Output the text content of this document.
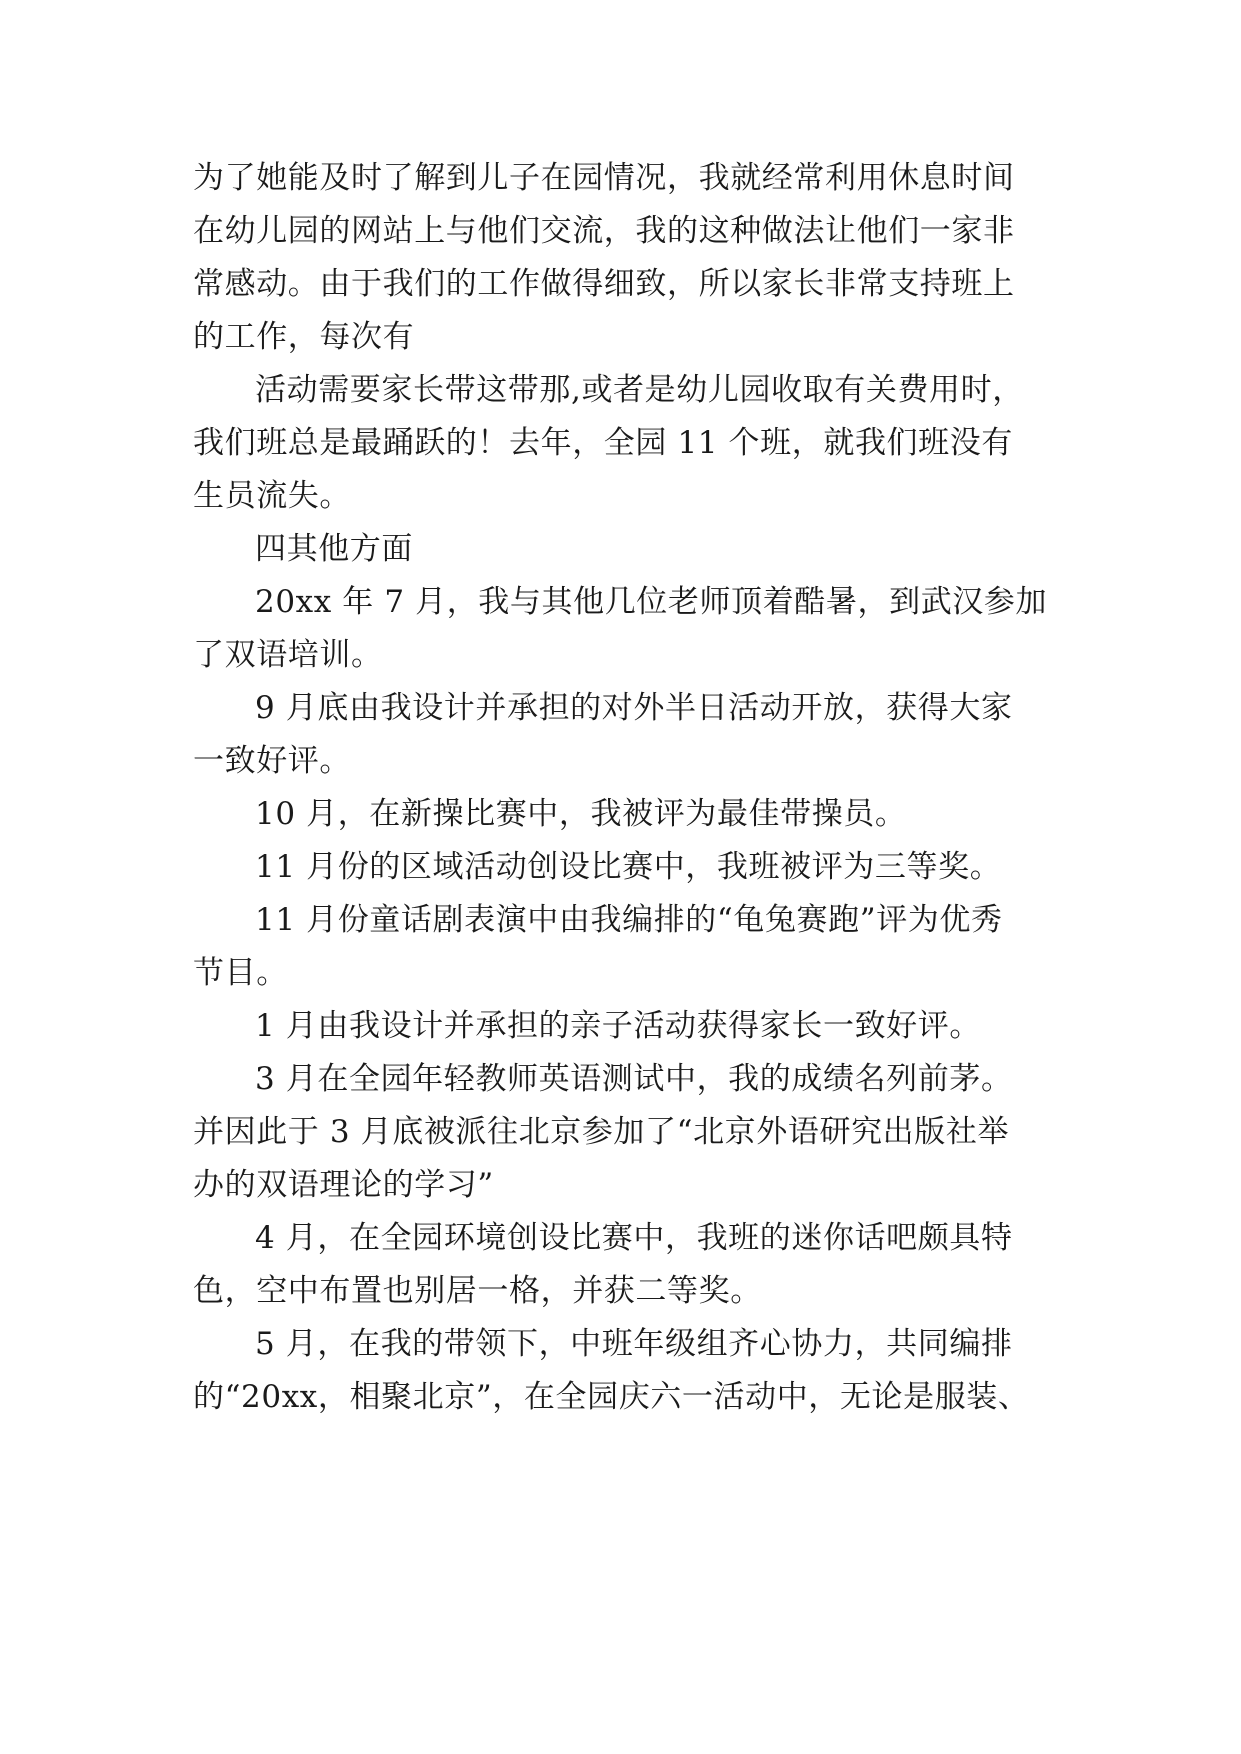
为了她能及时了解到儿子在园情况，我就经常利用休息时间
在幼儿园的网站上与他们交流，我的这种做法让他们一家非
常感动。由于我们的工作做得细致，所以家长非常支持班上
的工作，每次有
活动需要家长带这带那,或者是幼儿园收取有关费用时，
我们班总是最踊跃的！去年，全园 11 个班，就我们班没有
生员流失。
四其他方面
20xx 年 7 月，我与其他几位老师顶着酷暑，到武汉参加
了双语培训。
9 月底由我设计并承担的对外半日活动开放，获得大家
一致好评。
10 月，在新操比赛中，我被评为最佳带操员。
11 月份的区域活动创设比赛中，我班被评为三等奖。
11 月份童话剧表演中由我编排的“龟兔赛跑”评为优秀
节目。
1 月由我设计并承担的亲子活动获得家长一致好评。
3 月在全园年轻教师英语测试中，我的成绩名列前茅。
并因此于 3 月底被派往北京参加了“北京外语研究出版社举
办的双语理论的学习”
4 月，在全园环境创设比赛中，我班的迷你话吧颇具特
色，空中布置也别居一格，并获二等奖。
5 月，在我的带领下，中班年级组齐心协力，共同编排
的“20xx，相聚北京”，在全园庆六一活动中，无论是服装、
